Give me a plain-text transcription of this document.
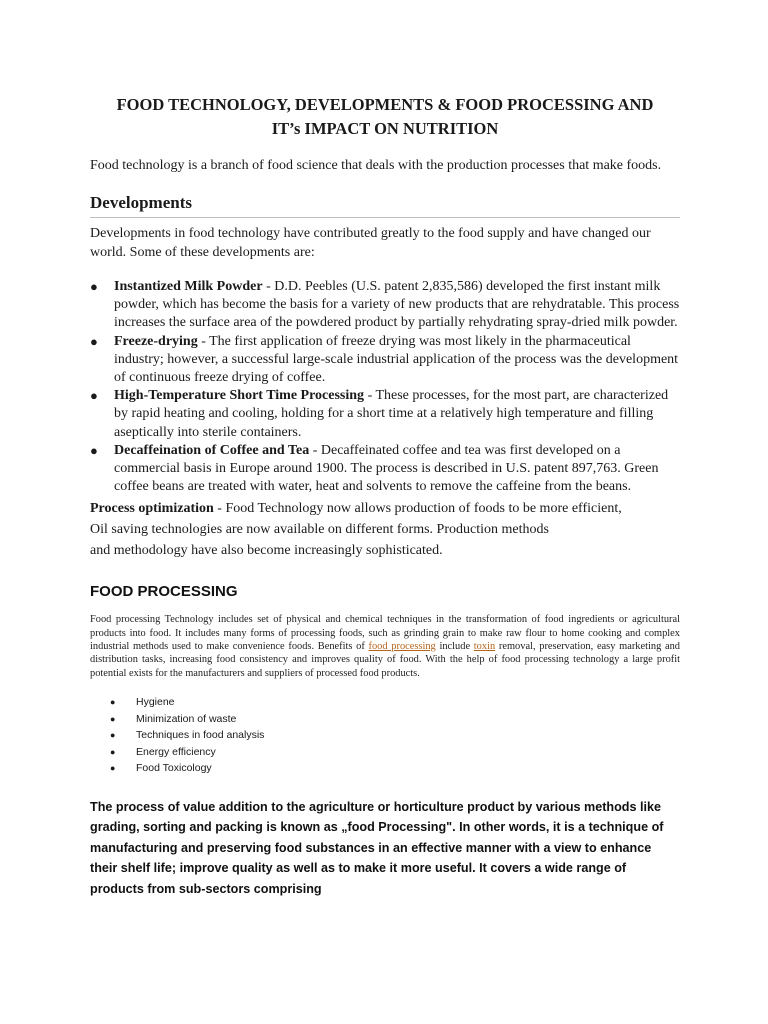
FOOD TECHNOLOGY, DEVELOPMENTS & FOOD PROCESSING AND
IT’s IMPACT ON NUTRITION

Food technology is a branch of food science that deals with the production processes that make foods.

Developments

Developments in food technology have contributed greatly to the food supply and have changed our world. Some of these developments are:

● Instantized Milk Powder - D.D. Peebles (U.S. patent 2,835,586) developed the first instant milk powder, which has become the basis for a variety of new products that are rehydratable. This process increases the surface area of the powdered product by partially rehydrating spray-dried milk powder.
● Freeze-drying - The first application of freeze drying was most likely in the pharmaceutical industry; however, a successful large-scale industrial application of the process was the development of continuous freeze drying of coffee.
● High-Temperature Short Time Processing - These processes, for the most part, are characterized by rapid heating and cooling, holding for a short time at a relatively high temperature and filling aseptically into sterile containers.
● Decaffeination of Coffee and Tea - Decaffeinated coffee and tea was first developed on a commercial basis in Europe around 1900. The process is described in U.S. patent 897,763. Green coffee beans are treated with water, heat and solvents to remove the caffeine from the beans.

Process optimization - Food Technology now allows production of foods to be more efficient,
Oil saving technologies are now available on different forms. Production methods
and methodology have also become increasingly sophisticated.

FOOD PROCESSING

Food processing Technology includes set of physical and chemical techniques in the transformation of food ingredients or agricultural products into food. It includes many forms of processing foods, such as grinding grain to make raw flour to home cooking and complex industrial methods used to make convenience foods. Benefits of food processing include toxin removal, preservation, easy marketing and distribution tasks, increasing food consistency and improves quality of food. With the help of food processing technology a large profit potential exists for the manufacturers and suppliers of processed food products.

● Hygiene
● Minimization of waste
● Techniques in food analysis
● Energy efficiency
● Food Toxicology

The process of value addition to the agriculture or horticulture product by various methods like grading, sorting and packing is known as „food Processing". In other words, it is a technique of manufacturing and preserving food substances in an effective manner with a view to enhance their shelf life; improve quality as well as to make it more useful. It covers a wide range of products from sub-sectors comprising
